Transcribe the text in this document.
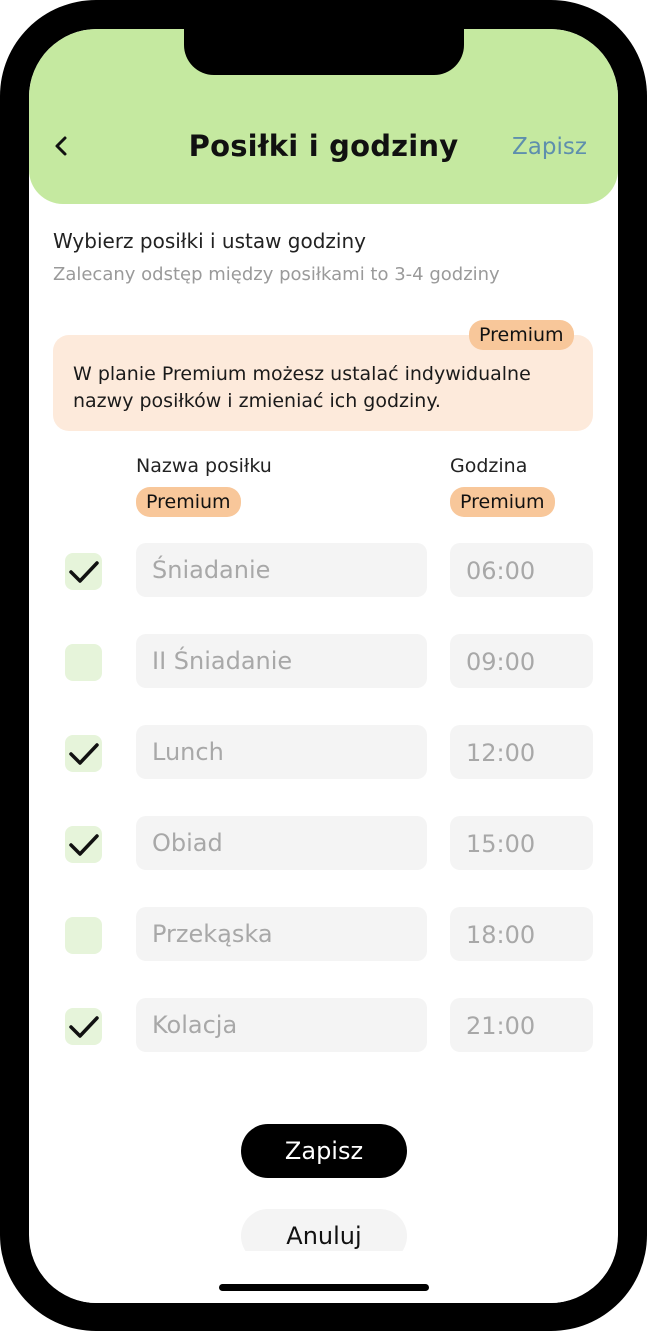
Posiłki i godziny	Zapisz
Wybierz posiłki i ustaw godziny
Zalecany odstęp między posiłkami to 3-4 godziny
W planie Premium możesz ustalać indywidualne nazwy posiłków i zmieniać ich godziny.
Premium
Nazwa posiłku
Premium
Godzina
Premium
Śniadanie	06:00
II Śniadanie	09:00
Lunch	12:00
Obiad	15:00
Przekąska	18:00
Kolacja	21:00
Zapisz
Anuluj
